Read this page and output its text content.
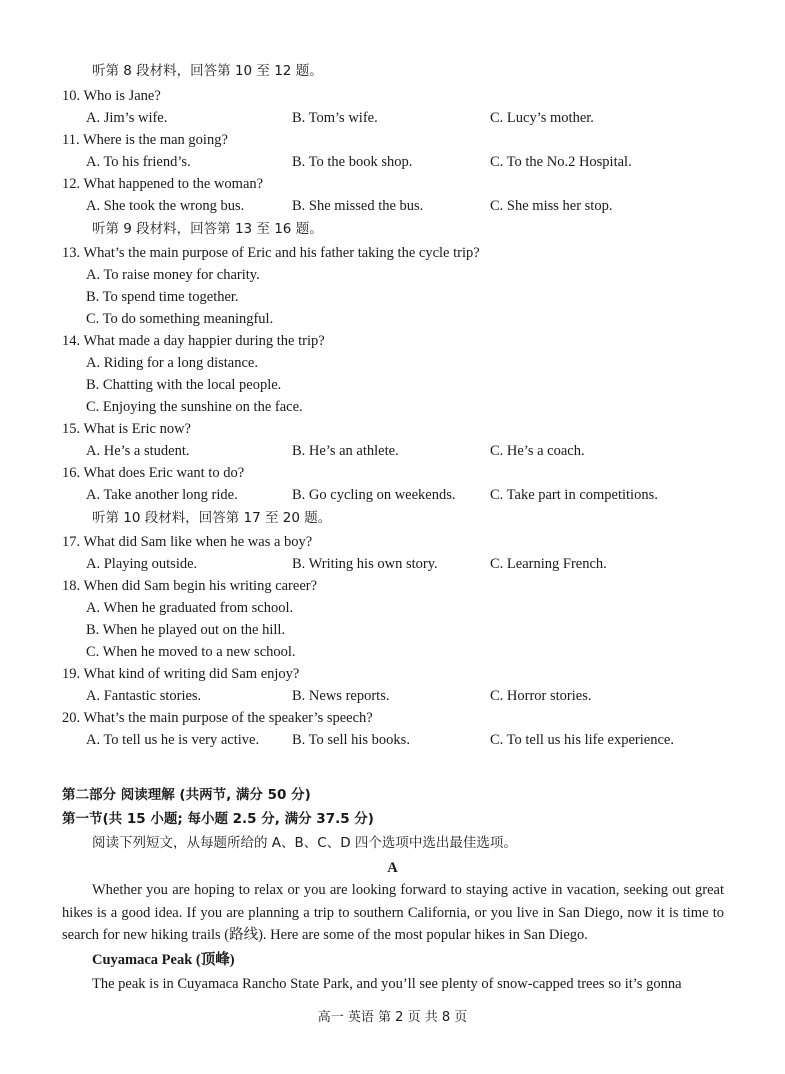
听第 8 段材料，回答第 10 至 12 题。
10. Who is Jane?
A. Jim’s wife.	B. Tom’s wife.	C. Lucy’s mother.
11. Where is the man going?
A. To his friend’s.	B. To the book shop.	C. To the No.2 Hospital.
12. What happened to the woman?
A. She took the wrong bus.	B. She missed the bus.	C. She miss her stop.
听第 9 段材料，回答第 13 至 16 题。
13. What’s the main purpose of Eric and his father taking the cycle trip?
A. To raise money for charity.
B. To spend time together.
C. To do something meaningful.
14. What made a day happier during the trip?
A. Riding for a long distance.
B. Chatting with the local people.
C. Enjoying the sunshine on the face.
15. What is Eric now?
A. He’s a student.	B. He’s an athlete.	C. He’s a coach.
16. What does Eric want to do?
A. Take another long ride.	B. Go cycling on weekends. C. Take part in competitions.
听第 10 段材料，回答第 17 至 20 题。
17. What did Sam like when he was a boy?
A. Playing outside.	B. Writing his own story.	C. Learning French.
18. When did Sam begin his writing career?
A. When he graduated from school.
B. When he played out on the hill.
C. When he moved to a new school.
19. What kind of writing did Sam enjoy?
A. Fantastic stories.	B. News reports.	C. Horror stories.
20. What’s the main purpose of the speaker’s speech?
A. To tell us he is very active. B. To sell his books.	C. To tell us his life experience.
第二部分 阅读理解 (共两节, 满分 50 分)
第一节(共 15 小题; 每小题 2.5 分, 满分 37.5 分)
阅读下列短文，从每题所给的 A、B、C、D 四个选项中选出最佳选项。
A
Whether you are hoping to relax or you are looking forward to staying active in vacation, seeking out great hikes is a good idea. If you are planning a trip to southern California, or you live in San Diego, now it is time to search for new hiking trails (路线). Here are some of the most popular hikes in San Diego.
Cuyamaca Peak (顶峰)
The peak is in Cuyamaca Rancho State Park, and you’ll see plenty of snow-capped trees so it’s gonna
高一 英语 第 2 页 共 8 页
